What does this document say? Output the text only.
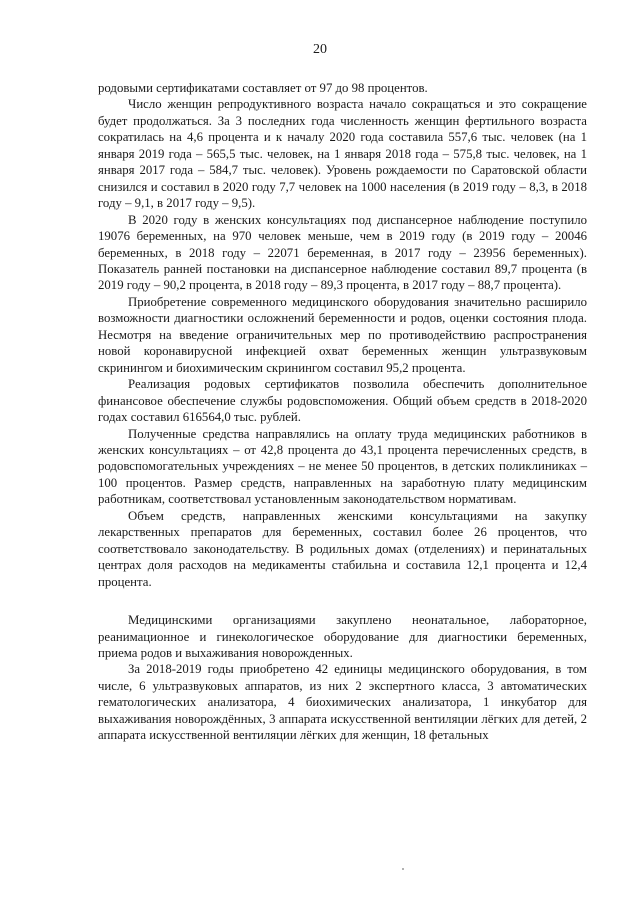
20

родовыми сертификатами составляет от 97 до 98 процентов.

Число женщин репродуктивного возраста начало сокращаться и это сокращение будет продолжаться. За 3 последних года численность женщин фертильного возраста сократилась на 4,6 процента и к началу 2020 года составила 557,6 тыс. человек (на 1 января 2019 года – 565,5 тыс. человек, на 1 января 2018 года – 575,8 тыс. человек, на 1 января 2017 года – 584,7 тыс. человек). Уровень рождаемости по Саратовской области снизился и составил в 2020 году 7,7 человек на 1000 населения (в 2019 году – 8,3, в 2018 году – 9,1, в 2017 году – 9,5).

В 2020 году в женских консультациях под диспансерное наблюдение поступило 19076 беременных, на 970 человек меньше, чем в 2019 году (в 2019 году – 20046 беременных, в 2018 году – 22071 беременная, в 2017 году – 23956 беременных). Показатель ранней постановки на диспансерное наблюдение составил 89,7 процента (в 2019 году – 90,2 процента, в 2018 году – 89,3 процента, в 2017 году – 88,7 процента).

Приобретение современного медицинского оборудования значительно расширило возможности диагностики осложнений беременности и родов, оценки состояния плода. Несмотря на введение ограничительных мер по противодействию распространения новой коронавирусной инфекцией охват беременных женщин ультразвуковым скринингом и биохимическим скринингом составил 95,2 процента.

Реализация родовых сертификатов позволила обеспечить дополнительное финансовое обеспечение службы родовспоможения. Общий объем средств в 2018-2020 годах составил 616564,0 тыс. рублей.

Полученные средства направлялись на оплату труда медицинских работников в женских консультациях – от 42,8 процента до 43,1 процента перечисленных средств, в родовспомогательных учреждениях – не менее 50 процентов, в детских поликлиниках – 100 процентов. Размер средств, направленных на заработную плату медицинским работникам, соответствовал установленным законодательством нормативам.

Объем средств, направленных женскими консультациями на закупку лекарственных препаратов для беременных, составил более 26 процентов, что соответствовало законодательству. В родильных домах (отделениях) и перинатальных центрах доля расходов на медикаменты стабильна и составила 12,1 процента и 12,4 процента.

Медицинскими организациями закуплено неонатальное, лабораторное, реанимационное и гинекологическое оборудование для диагностики беременных, приема родов и выхаживания новорожденных.

За 2018-2019 годы приобретено 42 единицы медицинского оборудования, в том числе, 6 ультразвуковых аппаратов, из них 2 экспертного класса, 3 автоматических гематологических анализатора, 4 биохимических анализатора, 1 инкубатор для выхаживания новорождённых, 3 аппарата искусственной вентиляции лёгких для детей, 2 аппарата искусственной вентиляции лёгких для женщин, 18 фетальных
